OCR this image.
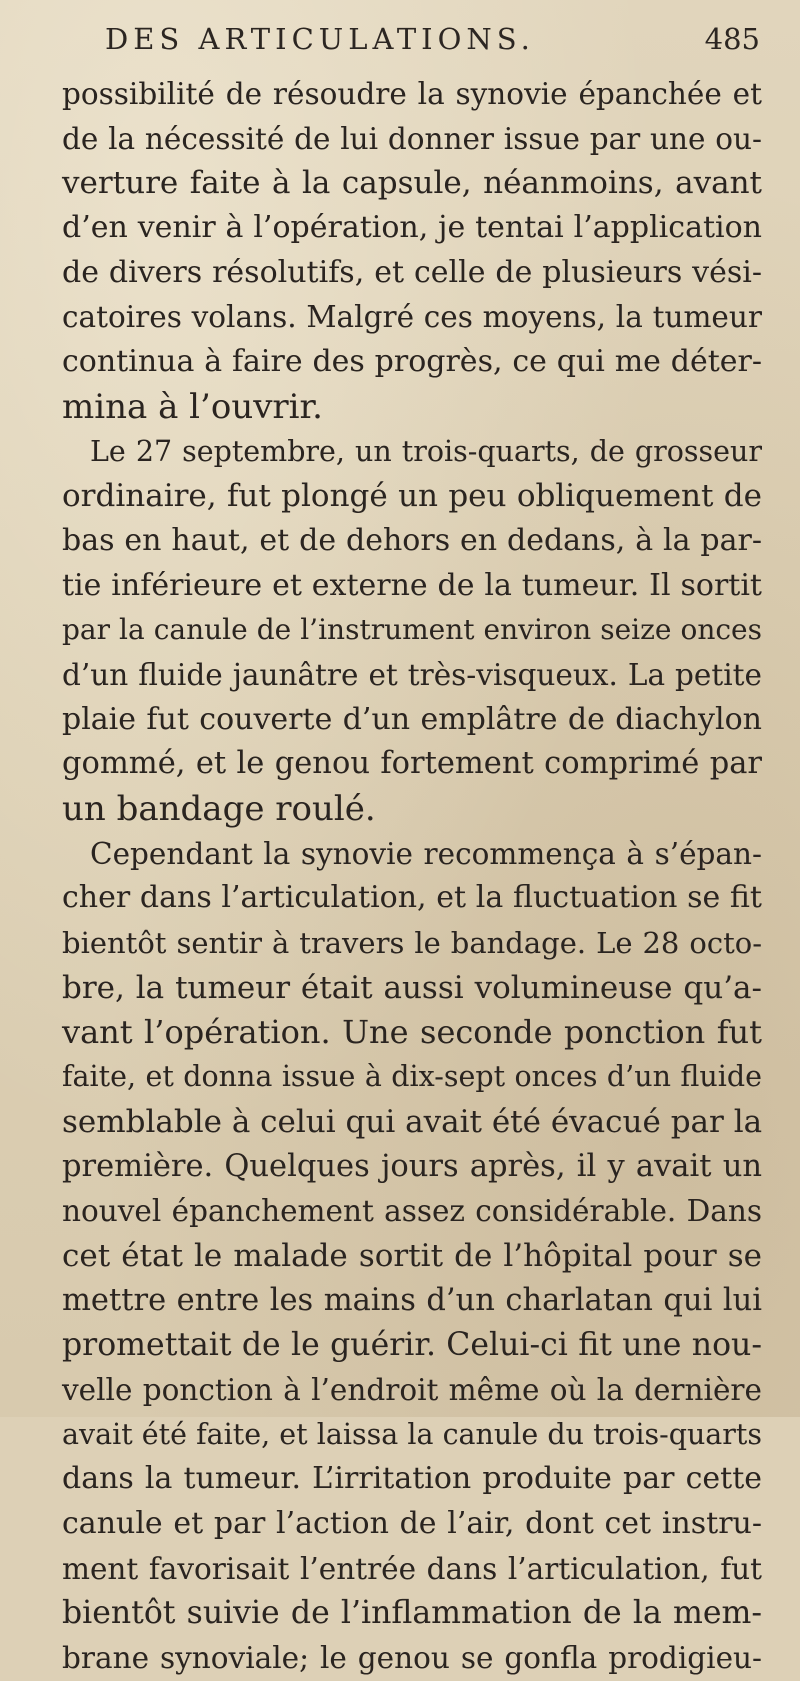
DES ARTICULATIONS.	485
possibilité de résoudre la synovie épanchée et
de la nécessité de lui donner issue par une ou-
verture faite à la capsule, néanmoins, avant
d’en venir à l’opération, je tentai l’application
de divers résolutifs, et celle de plusieurs vési-
catoires volans. Malgré ces moyens, la tumeur
continua à faire des progrès, ce qui me déter-
mina à l’ouvrir.
Le 27 septembre, un trois-quarts, de grosseur
ordinaire, fut plongé un peu obliquement de
bas en haut, et de dehors en dedans, à la par-
tie inférieure et externe de la tumeur. Il sortit
par la canule de l’instrument environ seize onces
d’un fluide jaunâtre et très-visqueux. La petite
plaie fut couverte d’un emplâtre de diachylon
gommé, et le genou fortement comprimé par
un bandage roulé.
Cependant la synovie recommença à s’épan-
cher dans l’articulation, et la fluctuation se fit
bientôt sentir à travers le bandage. Le 28 octo-
bre, la tumeur était aussi volumineuse qu’a-
vant l’opération. Une seconde ponction fut
faite, et donna issue à dix-sept onces d’un fluide
semblable à celui qui avait été évacué par la
première. Quelques jours après, il y avait un
nouvel épanchement assez considérable. Dans
cet état le malade sortit de l’hôpital pour se
mettre entre les mains d’un charlatan qui lui
promettait de le guérir. Celui-ci fit une nou-
velle ponction à l’endroit même où la dernière
avait été faite, et laissa la canule du trois-quarts
dans la tumeur. L’irritation produite par cette
canule et par l’action de l’air, dont cet instru-
ment favorisait l’entrée dans l’articulation, fut
bientôt suivie de l’inflammation de la mem-
brane synoviale; le genou se gonfla prodigieu-
